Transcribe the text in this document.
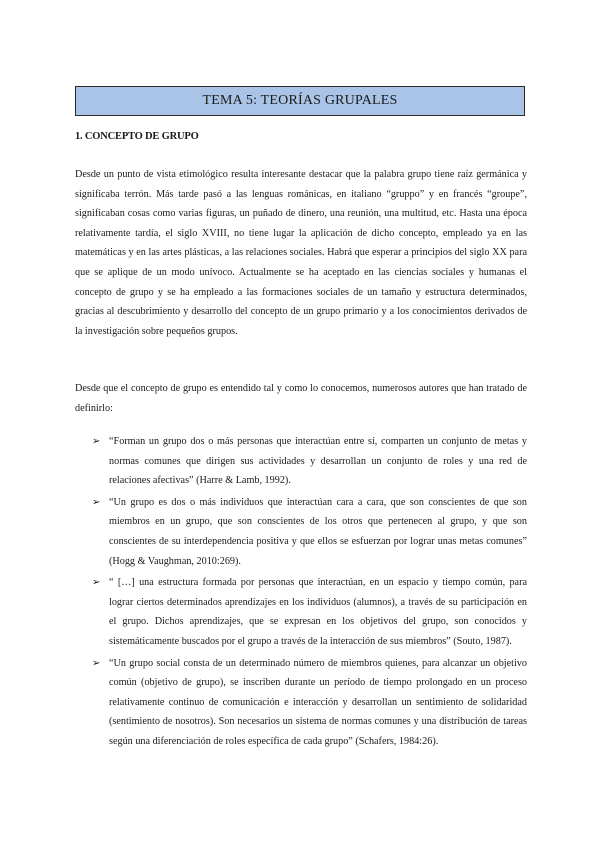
TEMA 5: TEORÍAS GRUPALES
1. CONCEPTO DE GRUPO

Desde un punto de vista etimológico resulta interesante destacar que la palabra grupo tiene raíz germánica y significaba terrón. Más tarde pasó a las lenguas románicas, en italiano “gruppo” y en francés “groupe”, significaban cosas como varias figuras, un puñado de dinero, una reunión, una multitud, etc. Hasta una época relativamente tardía, el siglo XVIII, no tiene lugar la aplicación de dicho concepto, empleado ya en las matemáticas y en las artes plásticas, a las relaciones sociales. Habrá que esperar a principios del siglo XX para que se aplique de un modo unívoco. Actualmente se ha aceptado en las ciencias sociales y humanas el concepto de grupo y se ha empleado a las formaciones sociales de un tamaño y estructura determinados, gracias al descubrimiento y desarrollo del concepto de un grupo primario y a los conocimientos derivados de la investigación sobre pequeños grupos.

Desde que el concepto de grupo es entendido tal y como lo conocemos, numerosos autores que han tratado de definirlo:

➢ “Forman un grupo dos o más personas que interactúan entre sí, comparten un conjunto de metas y normas comunes que dirigen sus actividades y desarrollan un conjunto de roles y una red de relaciones afectivas” (Harre & Lamb, 1992).
➢ “Un grupo es dos o más individuos que interactúan cara a cara, que son conscientes de que son miembros en un grupo, que son conscientes de los otros que pertenecen al grupo, y que son conscientes de su interdependencia positiva y que ellos se esfuerzan por lograr unas metas comunes” (Hogg & Vaughman, 2010:269).
➢ “ […] una estructura formada por personas que interactúan, en un espacio y tiempo común, para lograr ciertos determinados aprendizajes en los individuos (alumnos), a través de su participación en el grupo. Dichos aprendizajes, que se expresan en los objetivos del grupo, son conocidos y sistemáticamente buscados por el grupo a través de la interacción de sus miembros” (Souto, 1987).
➢ “Un grupo social consta de un determinado número de miembros quienes, para alcanzar un objetivo común (objetivo de grupo), se inscriben durante un período de tiempo prolongado en un proceso relativamente continuo de comunicación e interacción y desarrollan un sentimiento de solidaridad (sentimiento de nosotros). Son necesarios un sistema de normas comunes y una distribución de tareas según una diferenciación de roles específica de cada grupo” (Schafers, 1984:26).
